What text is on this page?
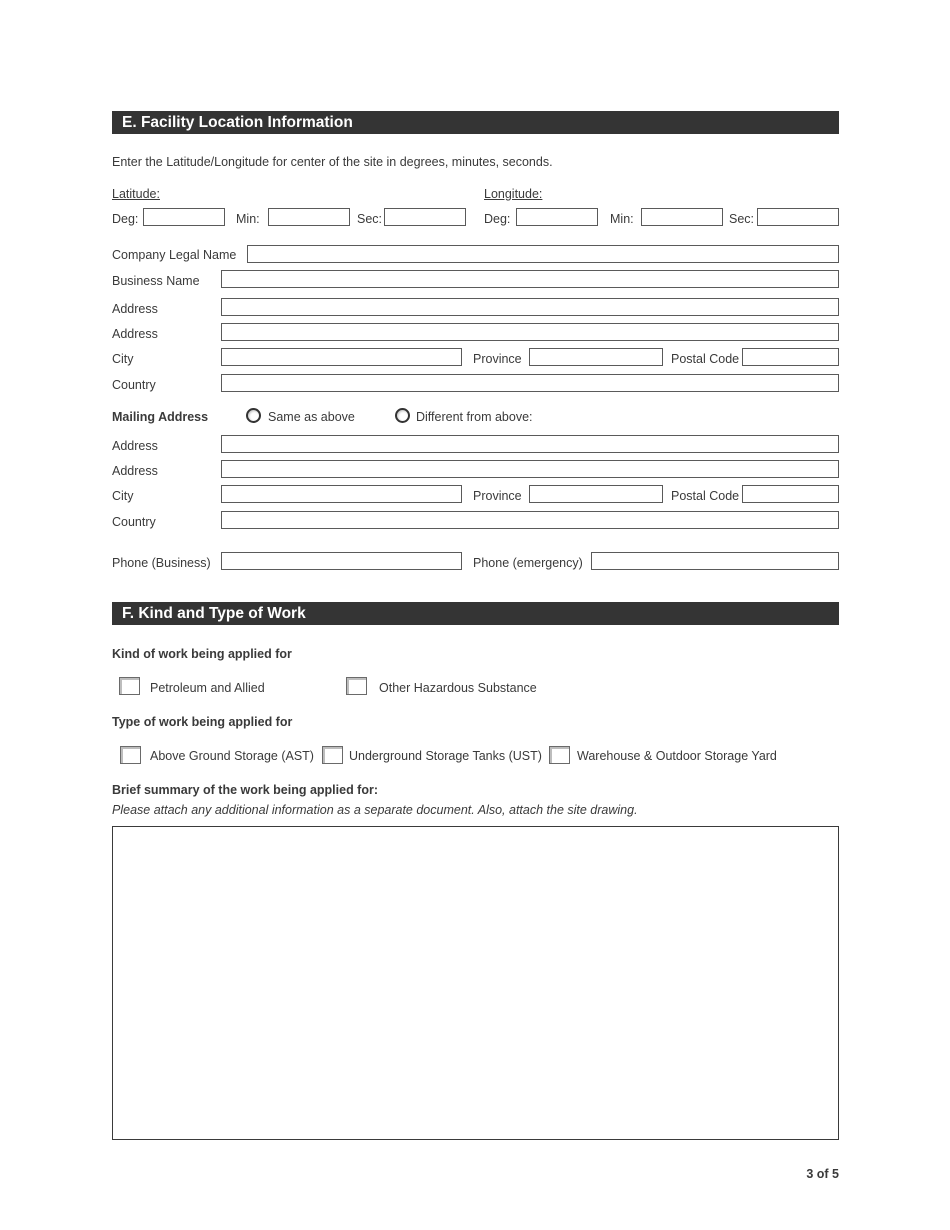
E. Facility Location Information
Enter the Latitude/Longitude for center of the site in degrees, minutes, seconds.
Latitude:
Deg:	Min:	Sec:
Longitude:
Deg:	Min:	Sec:
Company Legal Name
Business Name
Address
Address
City	Province	Postal Code
Country
Mailing Address	Same as above	Different from above:
Address
Address
City	Province	Postal Code
Country
Phone (Business)	Phone (emergency)
F. Kind and Type of Work
Kind of work being applied for
Petroleum and Allied	Other Hazardous Substance
Type of work being applied for
Above Ground Storage (AST)	Underground Storage Tanks (UST)	Warehouse & Outdoor Storage Yard
Brief summary of the work being applied for:
Please attach any additional information as a separate document. Also, attach the site drawing.
3 of 5
